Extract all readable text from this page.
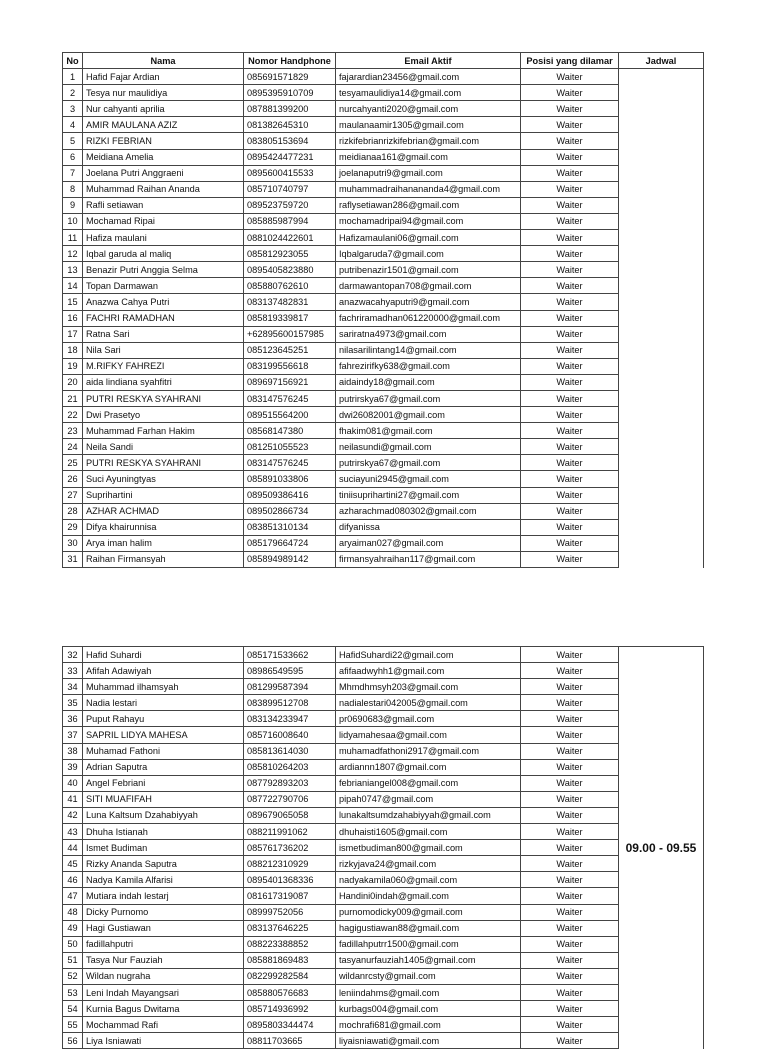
No	Nama	Nomor Handphone	Email Aktif	Posisi yang dilamar	Jadwal
1	Hafid Fajar Ardian	085691571829	fajarardian23456@gmail.com	Waiter	
2	Tesya nur maulidiya	0895395910709	tesyamaulidiya14@gmail.com	Waiter	
3	Nur cahyanti aprilia	087881399200	nurcahyanti2020@gmail.com	Waiter	
4	AMIR MAULANA AZIZ	081382645310	maulanaamir1305@gmail.com	Waiter	
5	RIZKI FEBRIAN	083805153694	rizkifebrianrizkifebrian@gmail.com	Waiter	
6	Meidiana Amelia	0895424477231	meidianaa161@gmail.com	Waiter	
7	Joelana Putri Anggraeni	0895600415533	joelanaputri9@gmail.com	Waiter	
8	Muhammad Raihan Ananda	085710740797	muhammadraihanananda4@gmail.com	Waiter	
9	Rafli setiawan	089523759720	raflysetiawan286@gmail.com	Waiter	
10	Mochamad Ripai	085885987994	mochamadripai94@gmail.com	Waiter	
11	Hafiza maulani	0881024422601	Hafizamaulani06@gmail.com	Waiter	
12	Iqbal garuda al maliq	085812923055	Iqbalgaruda7@gmail.com	Waiter	
13	Benazir Putri Anggia Selma	0895405823880	putribenazir1501@gmail.com	Waiter	
14	Topan Darmawan	085880762610	darmawantopan708@gmail.com	Waiter	
15	Anazwa Cahya Putri	083137482831	anazwacahyaputri9@gmail.com	Waiter	
16	FACHRI RAMADHAN	085819339817	fachriramadhan061220000@gmail.com	Waiter	
17	Ratna Sari	+62895600157985	sariratna4973@gmail.com	Waiter	
18	Nila Sari	085123645251	nilasarilintang14@gmail.com	Waiter	
19	M.RIFKY FAHREZI	083199556618	fahrezirifky638@gmail.com	Waiter	
20	aida lindiana syahfitri	089697156921	aidaindy18@gmail.com	Waiter	
21	PUTRI RESKYA SYAHRANI	083147576245	putrirskya67@gmail.com	Waiter	
22	Dwi Prasetyo	089515564200	dwi26082001@gmail.com	Waiter	
23	Muhammad Farhan Hakim	08568147380	fhakim081@gmail.com	Waiter	
24	Neila Sandi	081251055523	neilasundi@gmail.com	Waiter	
25	PUTRI RESKYA SYAHRANI	083147576245	putrirskya67@gmail.com	Waiter	
26	Suci Ayuningtyas	085891033806	suciayuni2945@gmail.com	Waiter	
27	Suprihartini	089509386416	tiniisuprihartini27@gmail.com	Waiter	
28	AZHAR ACHMAD	089502866734	azharachmad080302@gmail.com	Waiter	
29	Difya khairunnisa	083851310134	difyanissa	Waiter	
30	Arya iman halim	085179664724	aryaiman027@gmail.com	Waiter	
31	Raihan Firmansyah	085894989142	firmansyahraihan117@gmail.com	Waiter	
32	Hafid Suhardi	085171533662	HafidSuhardi22@gmail.com	Waiter	09.00 - 09.55
33	Afifah Adawiyah	08986549595	afifaadwyhh1@gmail.com	Waiter	
34	Muhammad ilhamsyah	081299587394	Mhmdhmsyh203@gmail.com	Waiter	
35	Nadia lestari	083899512708	nadialestari042005@gmail.com	Waiter	
36	Puput Rahayu	083134233947	pr0690683@gmail.com	Waiter	
37	SAPRIL LIDYA MAHESA	085716008640	lidyamahesaa@gmail.com	Waiter	
38	Muhamad Fathoni	085813614030	muhamadfathoni2917@gmail.com	Waiter	
39	Adrian Saputra	085810264203	ardiannn1807@gmail.com	Waiter	
40	Angel Febriani	087792893203	febrianiangel008@gmail.com	Waiter	
41	SITI MUAFIFAH	087722790706	pipah0747@gmail.com	Waiter	
42	Luna Kaltsum Dzahabiyyah	089679065058	lunakaltsumdzahabiyyah@gmail.com	Waiter	
43	Dhuha Istianah	088211991062	dhuhaisti1605@gmail.com	Waiter	
44	Ismet Budiman	085761736202	ismetbudiman800@gmail.com	Waiter	
45	Rizky Ananda Saputra	088212310929	rizkyjava24@gmail.com	Waiter	
46	Nadya Kamila Alfarisi	0895401368336	nadyakamila060@gmail.com	Waiter	
47	Mutiara indah lestarj	081617319087	Handini0indah@gmail.com	Waiter	
48	Dicky Purnomo	08999752056	purnomodicky009@gmail.com	Waiter	
49	Hagi Gustiawan	083137646225	hagigustiawan88@gmail.com	Waiter	
50	fadillahputri	088223388852	fadillahputrr1500@gmail.com	Waiter	
51	Tasya Nur Fauziah	085881869483	tasyanurfauziah1405@gmail.com	Waiter	
52	Wildan nugraha	082299282584	wildanrcsty@gmail.com	Waiter	
53	Leni Indah Mayangsari	085880576683	leniindahms@gmail.com	Waiter	
54	Kurnia Bagus Dwitama	085714936992	kurbags004@gmail.com	Waiter	
55	Mochammad Rafi	0895803344474	mochrafi681@gmail.com	Waiter	
56	Liya Isniawati	08811703665	liyaisniawati@gmail.com	Waiter	
